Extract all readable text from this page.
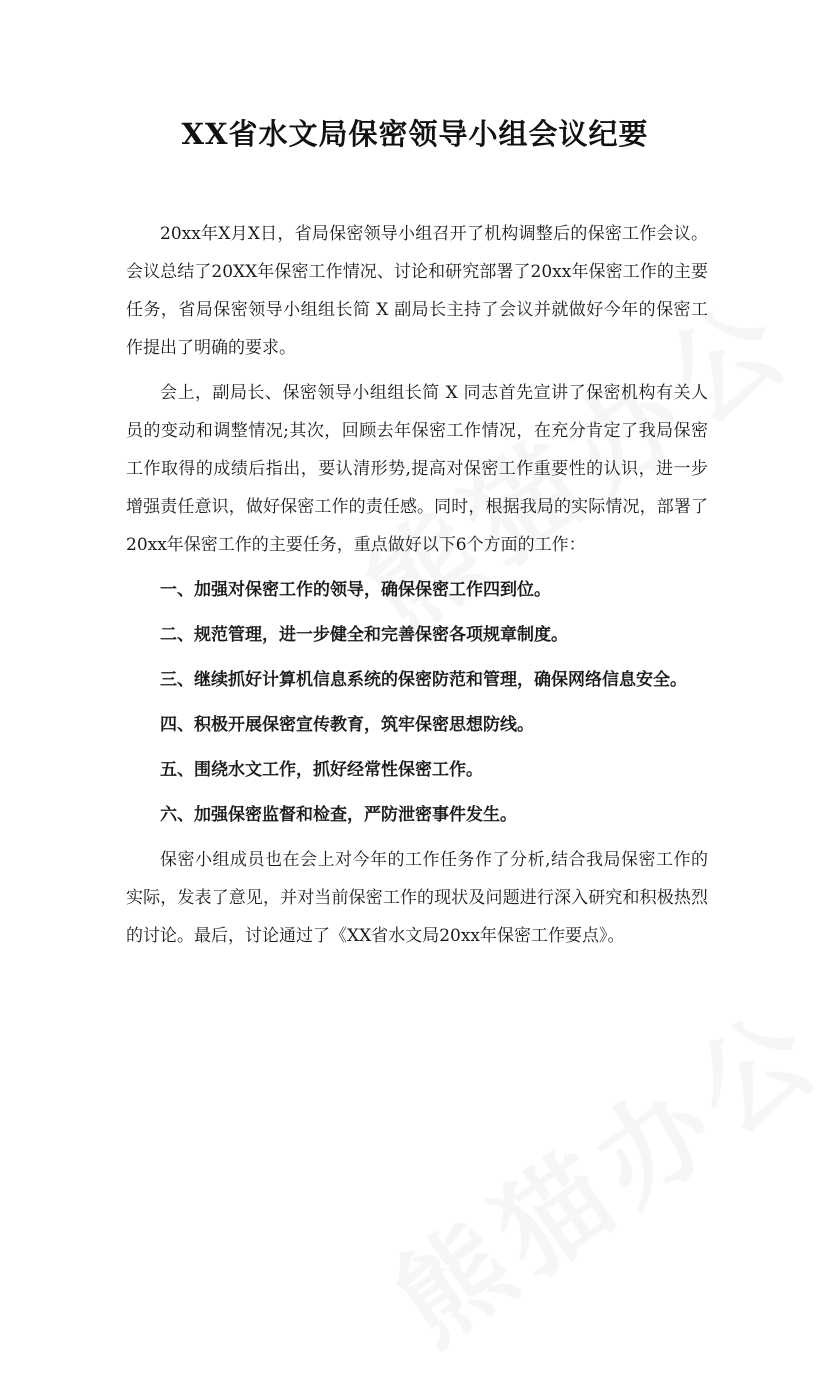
XX省水文局保密领导小组会议纪要

20xx年X月X日，省局保密领导小组召开了机构调整后的保密工作会议。会议总结了20XX年保密工作情况、讨论和研究部署了20xx年保密工作的主要任务，省局保密领导小组组长简 X 副局长主持了会议并就做好今年的保密工作提出了明确的要求。

会上，副局长、保密领导小组组长简 X 同志首先宣讲了保密机构有关人员的变动和调整情况;其次，回顾去年保密工作情况，在充分肯定了我局保密工作取得的成绩后指出，要认清形势,提高对保密工作重要性的认识，进一步增强责任意识，做好保密工作的责任感。同时，根据我局的实际情况，部署了20xx年保密工作的主要任务，重点做好以下6个方面的工作：

一、加强对保密工作的领导，确保保密工作四到位。

二、规范管理，进一步健全和完善保密各项规章制度。

三、继续抓好计算机信息系统的保密防范和管理，确保网络信息安全。

四、积极开展保密宣传教育，筑牢保密思想防线。

五、围绕水文工作，抓好经常性保密工作。

六、加强保密监督和检查，严防泄密事件发生。

保密小组成员也在会上对今年的工作任务作了分析,结合我局保密工作的实际，发表了意见，并对当前保密工作的现状及问题进行深入研究和积极热烈的讨论。最后，讨论通过了《XX省水文局20xx年保密工作要点》。
